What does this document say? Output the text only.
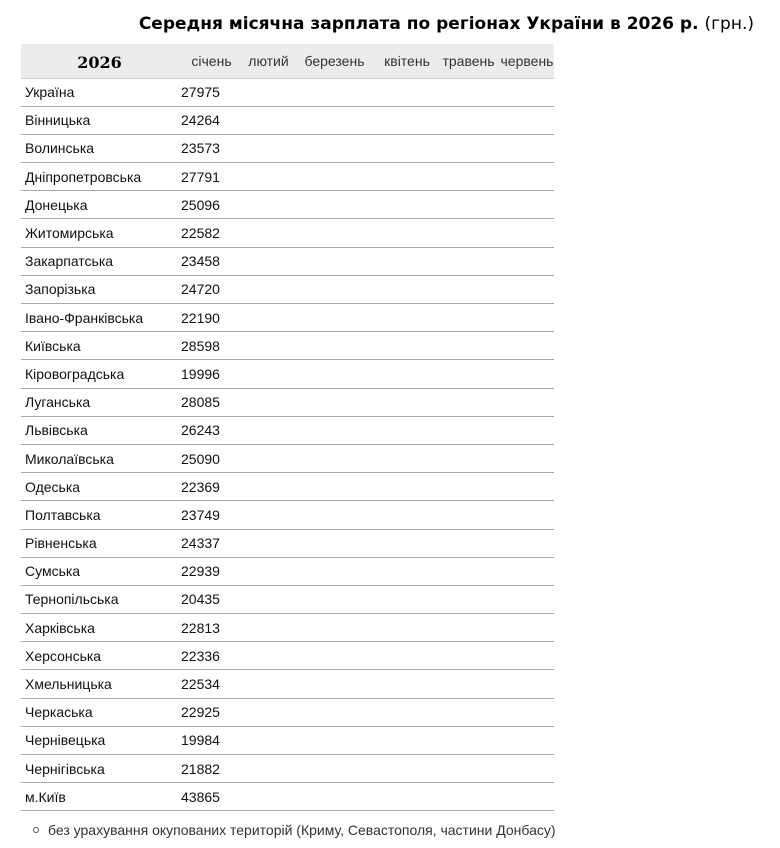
Середня місячна зарплата по регіонах України в 2026 р. (грн.)
2026	січень	лютий	березень	квітень	травень	червень
Україна	27975					
Вінницька	24264					
Волинська	23573					
Дніпропетровська	27791					
Донецька	25096					
Житомирська	22582					
Закарпатська	23458					
Запорізька	24720					
Івано-Франківська	22190					
Київська	28598					
Кіровоградська	19996					
Луганська	28085					
Львівська	26243					
Миколаївська	25090					
Одеська	22369					
Полтавська	23749					
Рівненська	24337					
Сумська	22939					
Тернопільська	20435					
Харківська	22813					
Херсонська	22336					
Хмельницька	22534					
Черкаська	22925					
Чернівецька	19984					
Чернігівська	21882					
м.Київ	43865					
без урахування окупованих територій (Криму, Севастополя, частини Донбасу)
